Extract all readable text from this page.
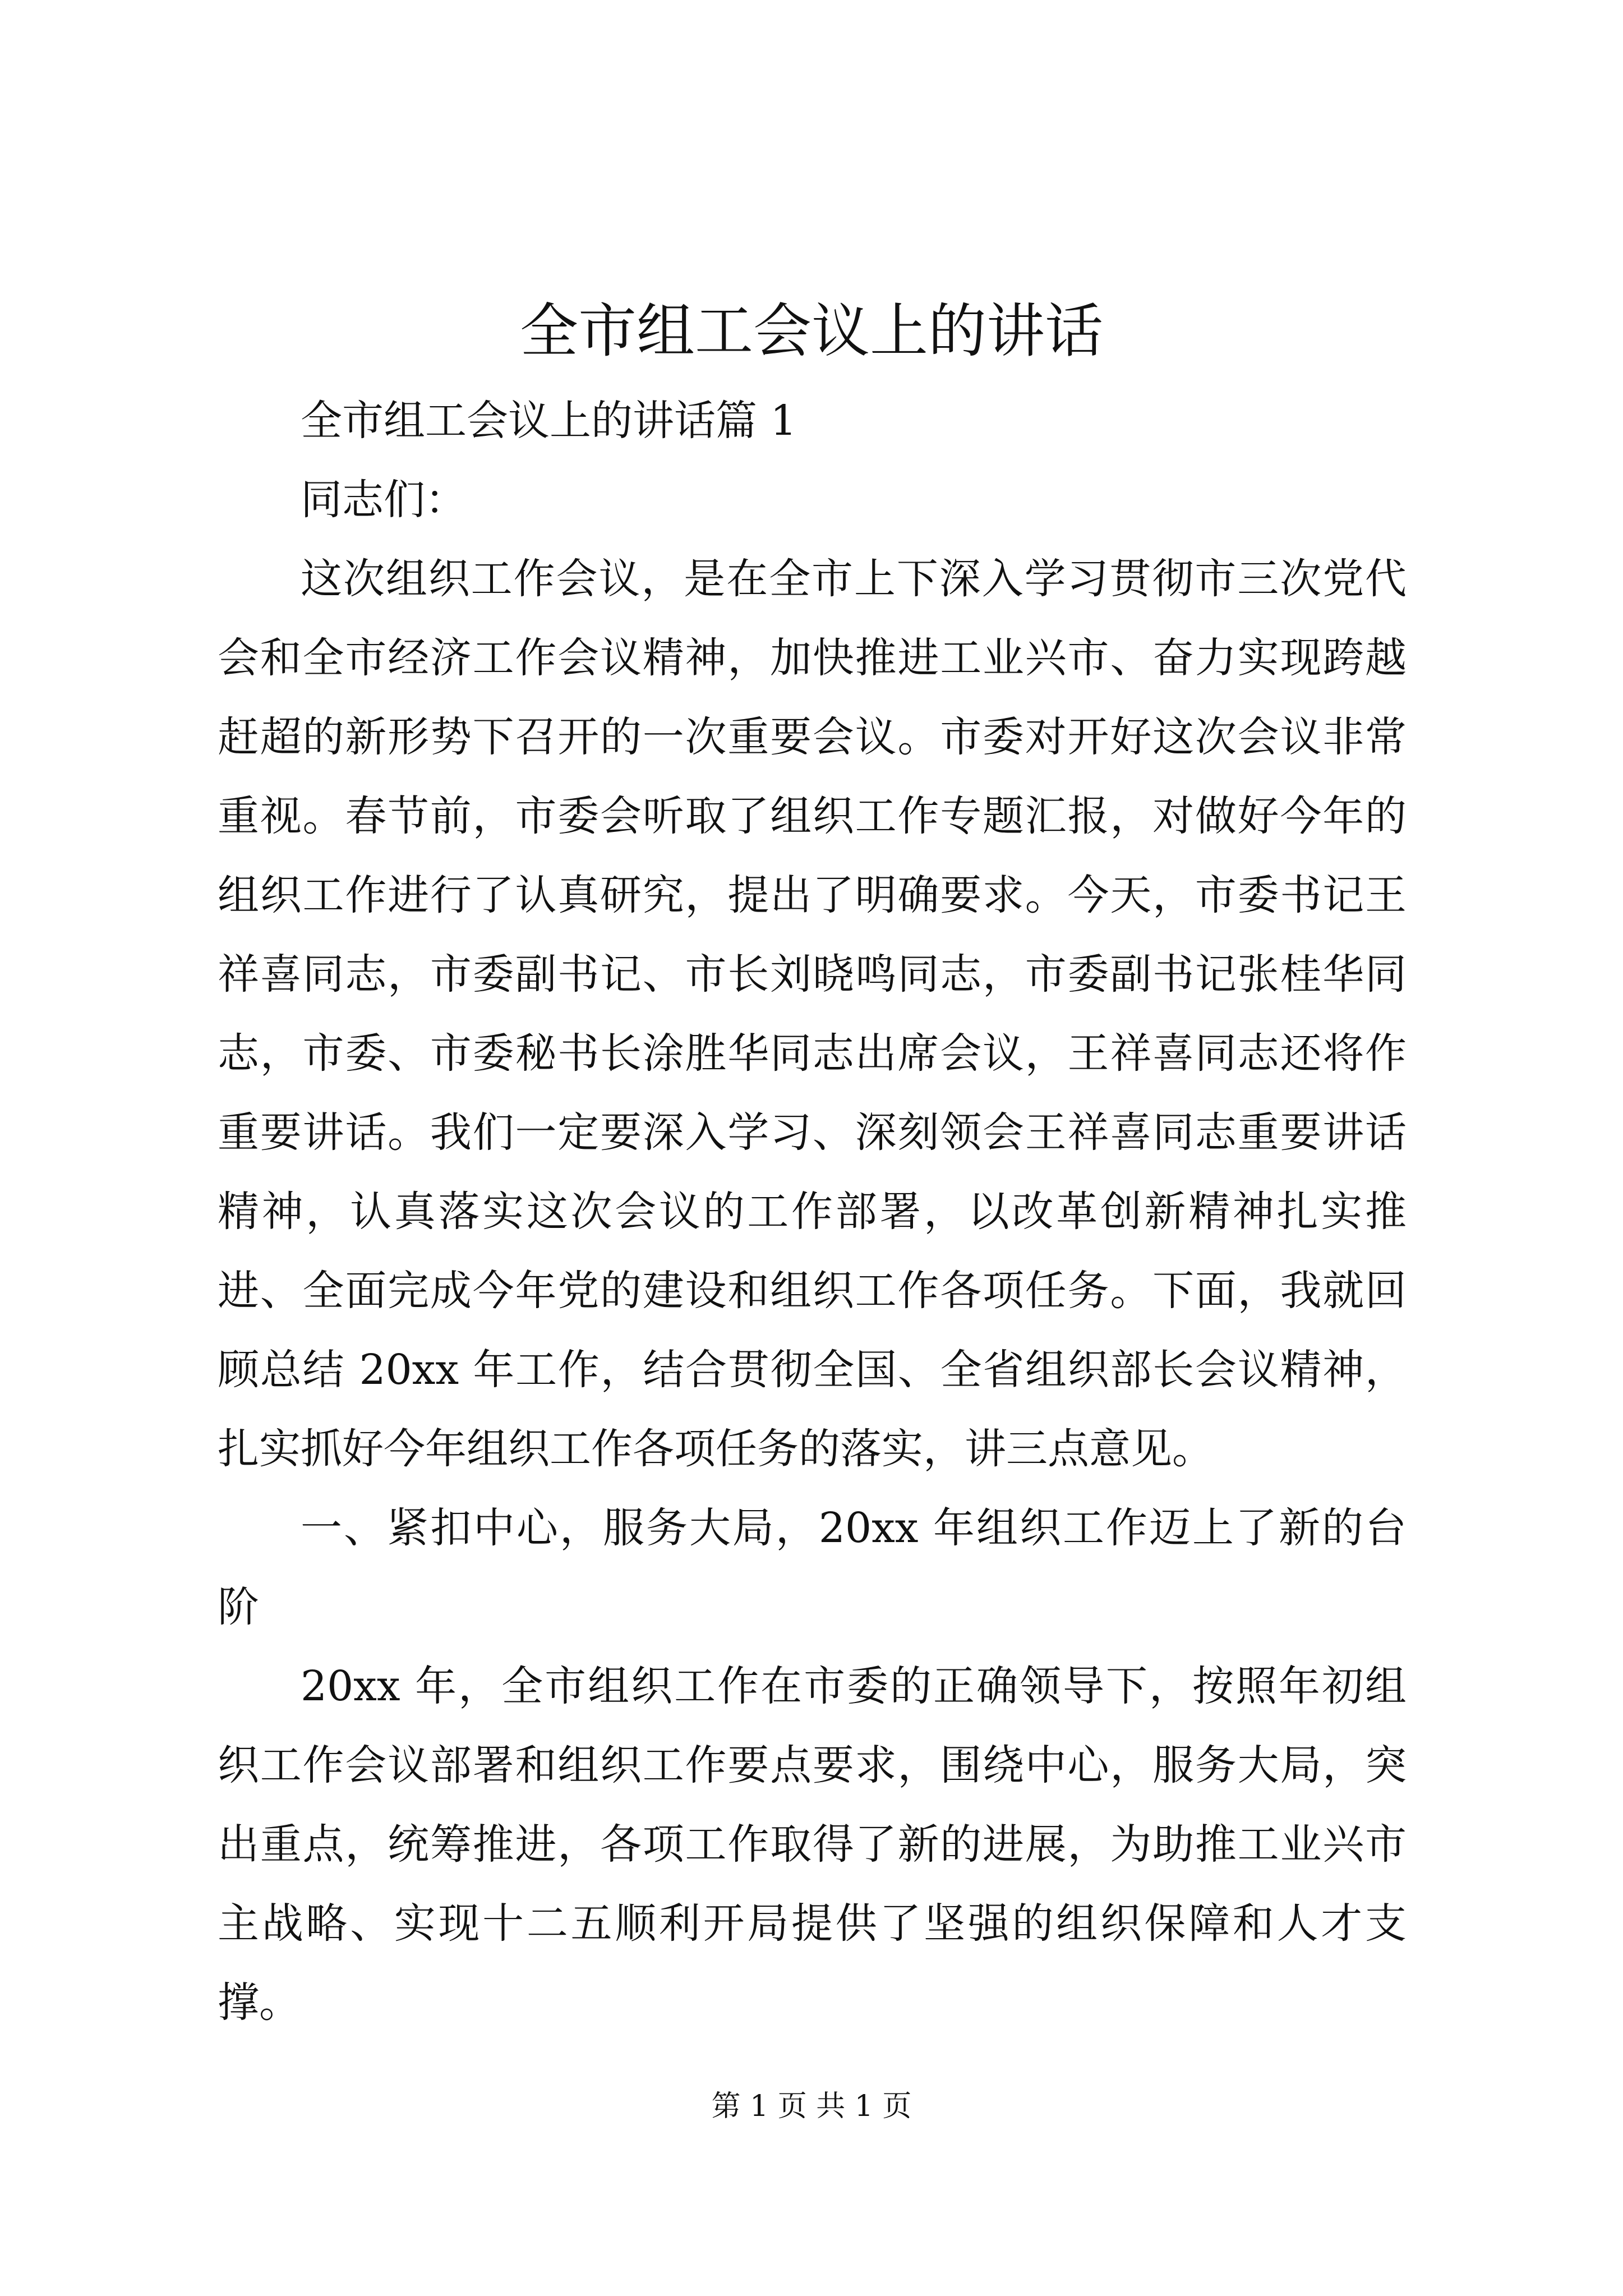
全市组工会议上的讲话

全市组工会议上的讲话篇 1

同志们：

这次组织工作会议，是在全市上下深入学习贯彻市三次党代会和全市经济工作会议精神，加快推进工业兴市、奋力实现跨越赶超的新形势下召开的一次重要会议。市委对开好这次会议非常重视。春节前，市委会听取了组织工作专题汇报，对做好今年的组织工作进行了认真研究，提出了明确要求。今天，市委书记王祥喜同志，市委副书记、市长刘晓鸣同志，市委副书记张桂华同志，市委、市委秘书长涂胜华同志出席会议，王祥喜同志还将作重要讲话。我们一定要深入学习、深刻领会王祥喜同志重要讲话精神，认真落实这次会议的工作部署，以改革创新精神扎实推进、全面完成今年党的建设和组织工作各项任务。下面，我就回顾总结 20xx 年工作，结合贯彻全国、全省组织部长会议精神，扎实抓好今年组织工作各项任务的落实，讲三点意见。

一、紧扣中心，服务大局，20xx 年组织工作迈上了新的台阶

20xx 年，全市组织工作在市委的正确领导下，按照年初组织工作会议部署和组织工作要点要求，围绕中心，服务大局，突出重点，统筹推进，各项工作取得了新的进展，为助推工业兴市主战略、实现十二五顺利开局提供了坚强的组织保障和人才支撑。

第 1 页 共 1 页
